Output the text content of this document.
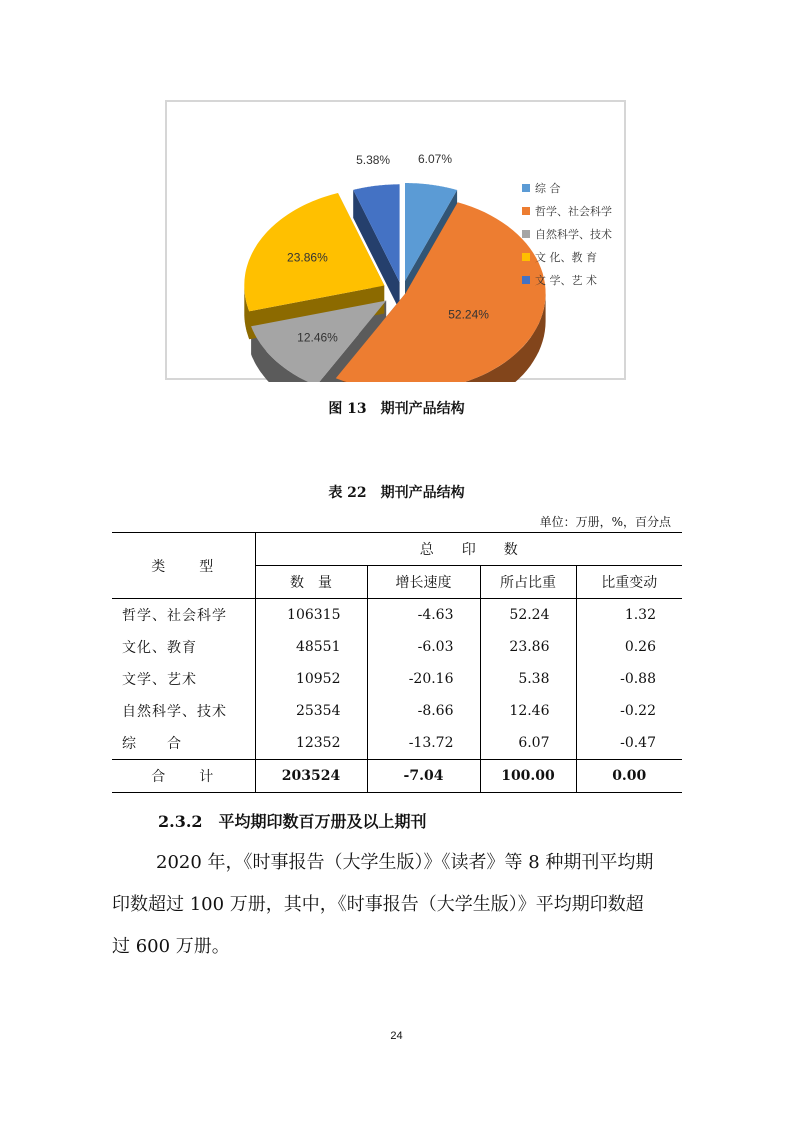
6.07%
52.24%
12.46%
23.86%
5.38%
综 合
哲学、社会科学
自然科学、技术
文 化、教 育
文 学、艺 术
图 13　期刊产品结构
表 22　期刊产品结构
单位：万册，%，百分点
类　　型	总　　印　　数			
	数　量	增长速度	所占比重	比重变动
哲学、社会科学	106315	-4.63	52.24	1.32
文化、教育	48551	-6.03	23.86	0.26
文学、艺术	10952	-20.16	5.38	-0.88
自然科学、技术	25354	-8.66	12.46	-0.22
综　　合	12352	-13.72	6.07	-0.47
合　　计	203524	-7.04	100.00	0.00
2.3.2　平均期印数百万册及以上期刊
2020 年，《时事报告（大学生版）》《读者》等 8 种期刊平均期
印数超过 100 万册，其中，《时事报告（大学生版）》平均期印数超
过 600 万册。
24
